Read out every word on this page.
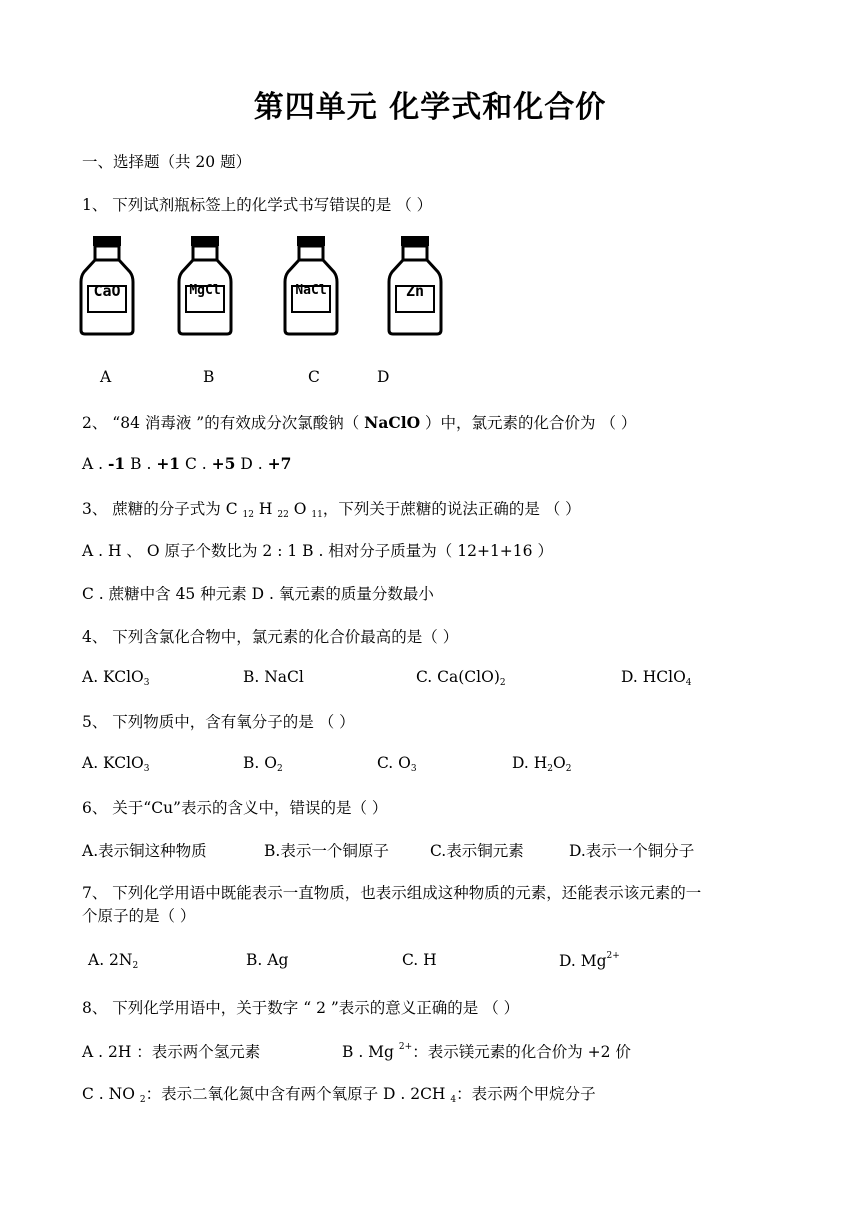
第四单元 化学式和化合价
一、选择题（共 20 题）
1、 下列试剂瓶标签上的化学式书写错误的是 （ ）
CaO	MgCl	NaCl	Zn
A	B	C	D
2、 “84 消毒液 ”的有效成分次氯酸钠（ NaClO ）中，氯元素的化合价为 （ ）
A . -1 B . +1 C . +5 D . +7
3、 蔗糖的分子式为 C $_{12}$ H $_{22}$ O $_{11}$，下列关于蔗糖的说法正确的是 （ ）
A . H 、 O 原子个数比为 2 : 1 B . 相对分子质量为（ 12+1+16 ）
C . 蔗糖中含 45 种元素 D . 氧元素的质量分数最小
4、 下列含氯化合物中，氯元素的化合价最高的是（ ）
A. KClO$_3$	B. NaCl	C. $Ca(ClO)_2$	D. HClO$_4$
5、 下列物质中，含有氧分子的是 （ ）
A. KClO$_3$	B. $O_2$	C. $O_3$	D. $H_2O_2$
6、 关于“Cu”表示的含义中，错误的是（ ）
A.表示铜这种物质	B.表示一个铜原子	C.表示铜元素	D.表示一个铜分子
7、 下列化学用语中既能表示一直物质，也表示组成这种物质的元素，还能表示该元素的一
个原子的是（ ）
A. $2N_2$	B. Ag	C. H	D. $Mg^{2+}$
8、 下列化学用语中，关于数字 “ 2 ”表示的意义正确的是 （ ）
A . 2H ：表示两个氢元素	B . Mg $^{2+}$：表示镁元素的化合价为 +2 价
C . NO $_2$：表示二氧化氮中含有两个氧原子 D . 2CH $_4$：表示两个甲烷分子
